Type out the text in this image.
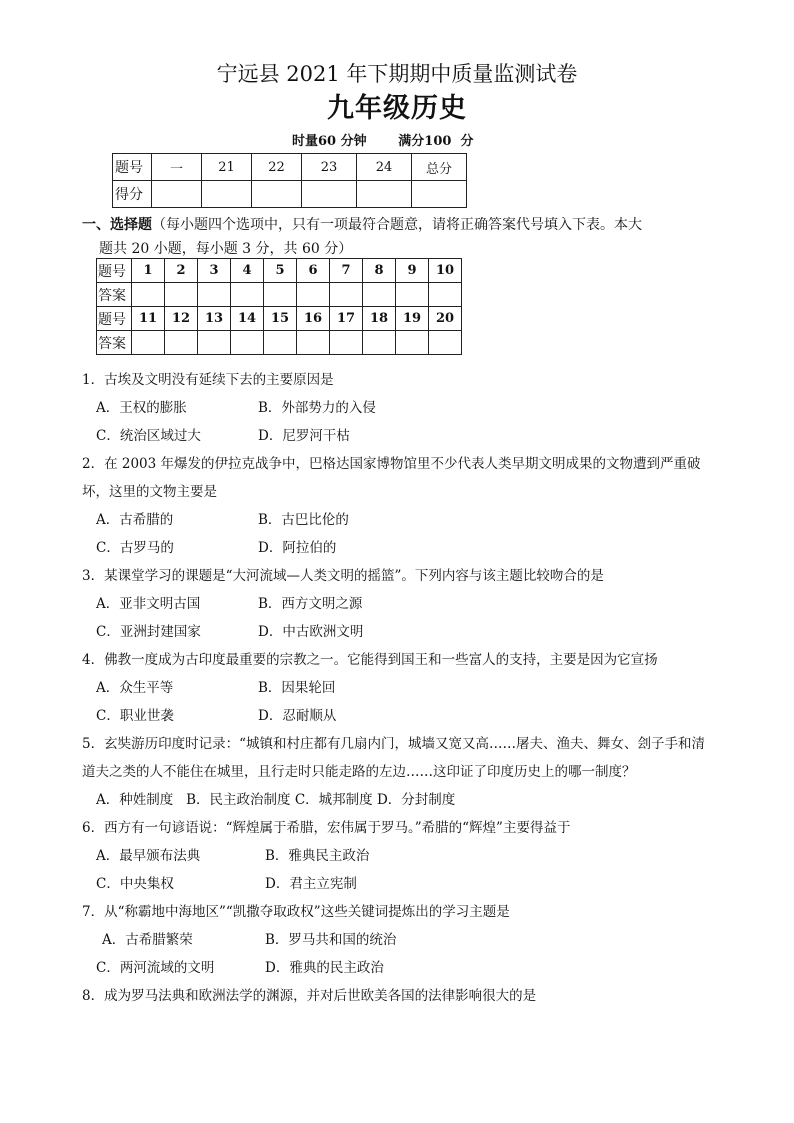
宁远县 2021 年下期期中质量监测试卷
九年级历史
时量60 分钟       满分100  分
题号	一	21	22	23	24	总分
得分						
一、选择题（每小题四个选项中，只有一项最符合题意，请将正确答案代号填入下表。本大
题共 20 小题，每小题 3 分，共 60 分）
题号	1	2	3	4	5	6	7	8	9	10
答案										
题号	11	12	13	14	15	16	17	18	19	20
答案										
1．古埃及文明没有延续下去的主要原因是
A．王权的膨胀	B．外部势力的入侵
C．统治区域过大	D．尼罗河干枯
2．在 2003 年爆发的伊拉克战争中，巴格达国家博物馆里不少代表人类早期文明成果的文物遭到严重破
坏，这里的文物主要是
A．古希腊的	B．古巴比伦的
C．古罗马的	D．阿拉伯的
3．某课堂学习的课题是“大河流域—人类文明的摇篮”。下列内容与该主题比较吻合的是
A．亚非文明古国	B．西方文明之源
C．亚洲封建国家	D．中古欧洲文明
4．佛教一度成为古印度最重要的宗教之一。它能得到国王和一些富人的支持，主要是因为它宣扬
A．众生平等	B．因果轮回
C．职业世袭	D．忍耐顺从
5．玄奘游历印度时记录：“城镇和村庄都有几扇内门，城墙又宽又高……屠夫、渔夫、舞女、刽子手和清
道夫之类的人不能住在城里，且行走时只能走路的左边……这印证了印度历史上的哪一制度？
A．种姓制度   B．民主政治制度 C．城邦制度 D．分封制度
6．西方有一句谚语说：“辉煌属于希腊，宏伟属于罗马。”希腊的“辉煌”主要得益于
A．最早颁布法典	B．雅典民主政治
C．中央集权	D．君主立宪制
7．从“称霸地中海地区”“凯撒夺取政权”这些关键词提炼出的学习主题是
A．古希腊繁荣	B．罗马共和国的统治
C．两河流域的文明	D．雅典的民主政治
8．成为罗马法典和欧洲法学的渊源，并对后世欧美各国的法律影响很大的是
